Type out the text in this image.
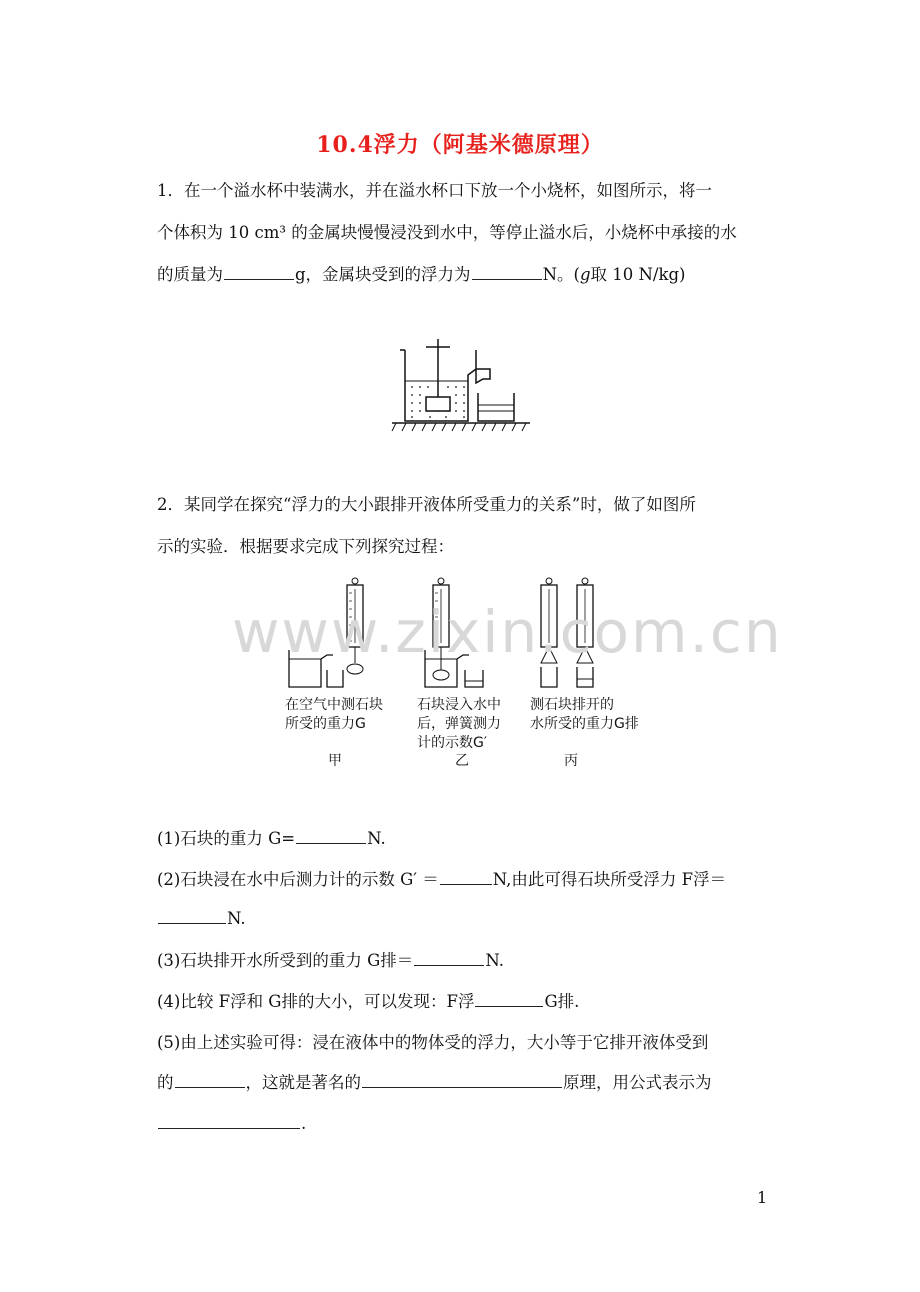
10.4浮力（阿基米德原理）
1．在一个溢水杯中装满水，并在溢水杯口下放一个小烧杯，如图所示，将一
个体积为 10 cm³ 的金属块慢慢浸没到水中，等停止溢水后，小烧杯中承接的水
的质量为	g，金属块受到的浮力为	N。(g取 10 N/kg)
2．某同学在探究“浮力的大小跟排开液体所受重力的关系”时，做了如图所
示的实验．根据要求完成下列探究过程：
在空气中测石块
所受的重力G
石块浸入水中
后，弹簧测力
计的示数G′
测石块排开的
水所受的重力G排
甲	乙	丙
(1)石块的重力 G=	N.
(2)石块浸在水中后测力计的示数 G′ ＝	N,由此可得石块所受浮力 F浮＝
N.
(3)石块排开水所受到的重力 G排＝	N.
(4)比较 F浮和 G排的大小，可以发现：F浮	G排.
(5)由上述实验可得：浸在液体中的物体受的浮力，大小等于它排开液体受到
的	，这就是著名的	原理，用公式表示为
.
www.zixin.com.cn
1
